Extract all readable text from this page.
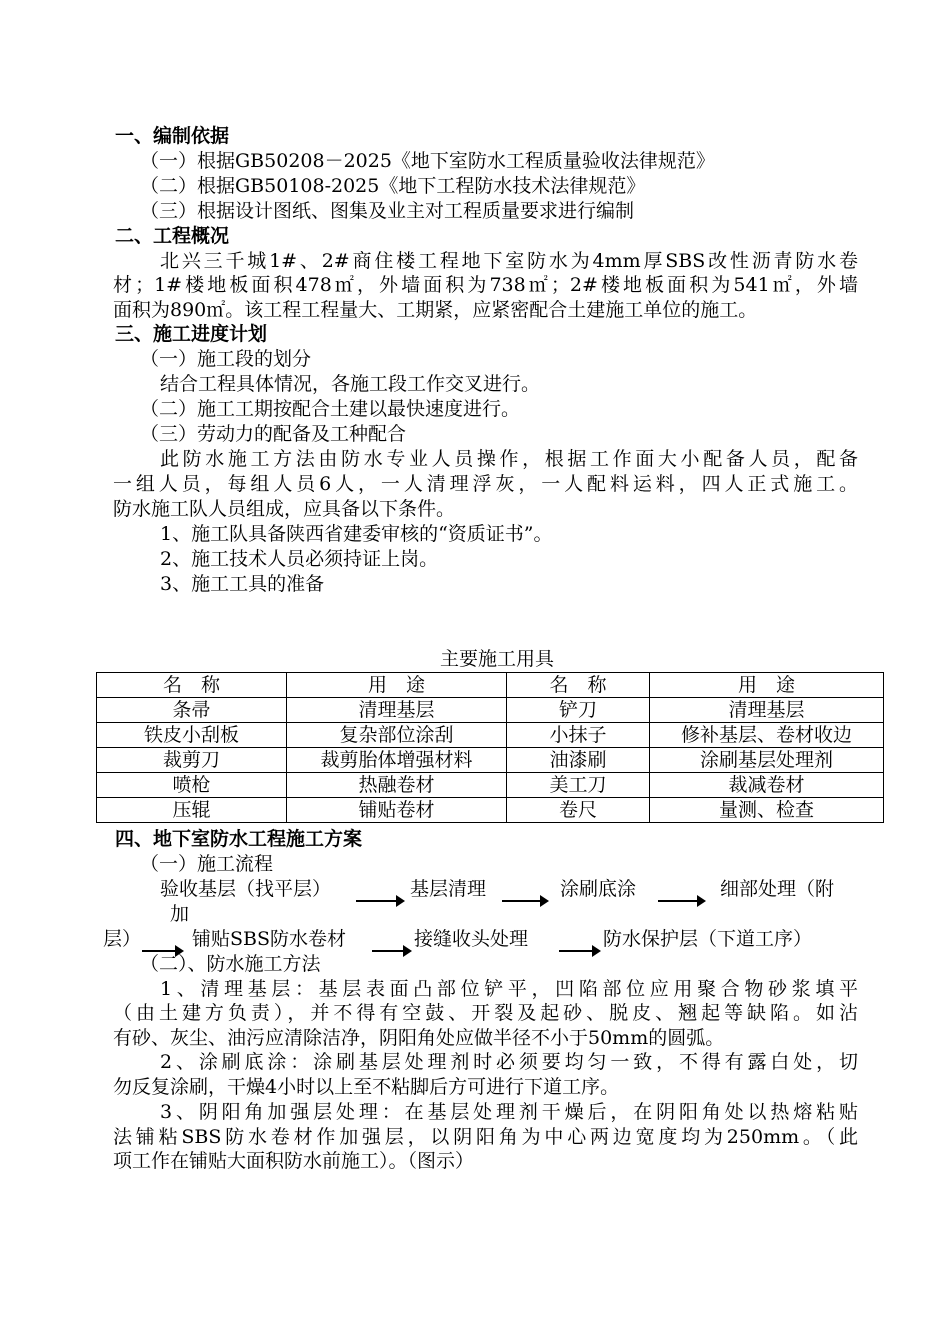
一、编制依据
（一）根据GB50208－2025《地下室防水工程质量验收法律规范》
（二）根据GB50108-2025《地下工程防水技术法律规范》
（三）根据设计图纸、图集及业主对工程质量要求进行编制
二、工程概况
北兴三千城1#、2#商住楼工程地下室防水为4mm厚SBS改性沥青防水卷
材；1#楼地板面积478㎡，外墙面积为738㎡；2#楼地板面积为541㎡，外墙
面积为890㎡。该工程工程量大、工期紧，应紧密配合土建施工单位的施工。
三、施工进度计划
（一）施工段的划分
结合工程具体情况，各施工段工作交叉进行。
（二）施工工期按配合土建以最快速度进行。
（三）劳动力的配备及工种配合
此防水施工方法由防水专业人员操作，根据工作面大小配备人员，配备
一组人员，每组人员6人，一人清理浮灰，一人配料运料，四人正式施工。
防水施工队人员组成，应具备以下条件。
1、施工队具备陕西省建委审核的“资质证书”。
2、施工技术人员必须持证上岗。
3、施工工具的准备
主要施工用具
名　称	用　途	名　称	用　途
条帚	清理基层	铲刀	清理基层
铁皮小刮板	复杂部位涂刮	小抹子	修补基层、卷材收边
裁剪刀	裁剪胎体增强材料	油漆刷	涂刷基层处理剂
喷枪	热融卷材	美工刀	裁减卷材
压辊	铺贴卷材	卷尺	量测、检查
四、地下室防水工程施工方案
（一）施工流程
验收基层（找平层）	基层清理	涂刷底涂	细部处理（附
加
层）	铺贴SBS防水卷材	接缝收头处理	防水保护层（下道工序）
（二）、防水施工方法
1、清理基层：基层表面凸部位铲平，凹陷部位应用聚合物砂浆填平
（由土建方负责），并不得有空鼓、开裂及起砂、脱皮、翘起等缺陷。如沾
有砂、灰尘、油污应清除洁净，阴阳角处应做半径不小于50mm的圆弧。
2、涂刷底涂：涂刷基层处理剂时必须要均匀一致，不得有露白处，切
勿反复涂刷，干燥4小时以上至不粘脚后方可进行下道工序。
3、阴阳角加强层处理：在基层处理剂干燥后，在阴阳角处以热熔粘贴
法铺粘SBS防水卷材作加强层，以阴阳角为中心两边宽度均为250mm。（此
项工作在铺贴大面积防水前施工）。（图示）
